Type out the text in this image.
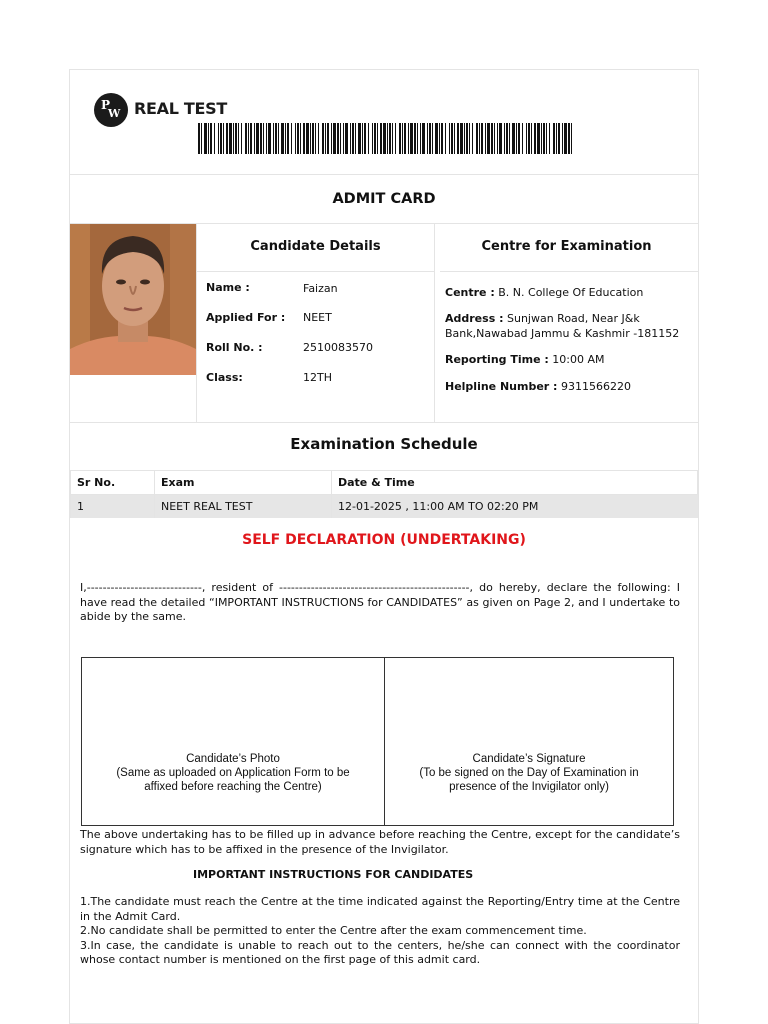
P
W REAL TEST
ADMIT CARD
Candidate Details
Name :	Faizan
Applied For : NEET
Roll No. :	2510083570
Class:	12TH
Centre for Examination
Centre : B. N. College Of Education
Address : Sunjwan Road, Near J&k Bank,Nawabad Jammu & Kashmir -181152
Reporting Time : 10:00 AM
Helpline Number : 9311566220
Examination Schedule
Sr No.	Exam	Date & Time
1	NEET REAL TEST	12-01-2025 , 11:00 AM TO 02:20 PM
SELF DECLARATION (UNDERTAKING)
I,-----------------------------, resident of ------------------------------------------------, do hereby, declare the following: I have read the detailed “IMPORTANT INSTRUCTIONS for CANDIDATES” as given on Page 2, and I undertake to abide by the same.
Candidate’s Photo
(Same as uploaded on Application Form to be
affixed before reaching the Centre)
Candidate’s Signature
(To be signed on the Day of Examination in
presence of the Invigilator only)
The above undertaking has to be filled up in advance before reaching the Centre, except for the candidate’s signature which has to be affixed in the presence of the Invigilator.
IMPORTANT INSTRUCTIONS FOR CANDIDATES
1.The candidate must reach the Centre at the time indicated against the Reporting/Entry time at the Centre in the Admit Card.
2.No candidate shall be permitted to enter the Centre after the exam commencement time.
3.In case, the candidate is unable to reach out to the centers, he/she can connect with the coordinator whose contact number is mentioned on the first page of this admit card.
